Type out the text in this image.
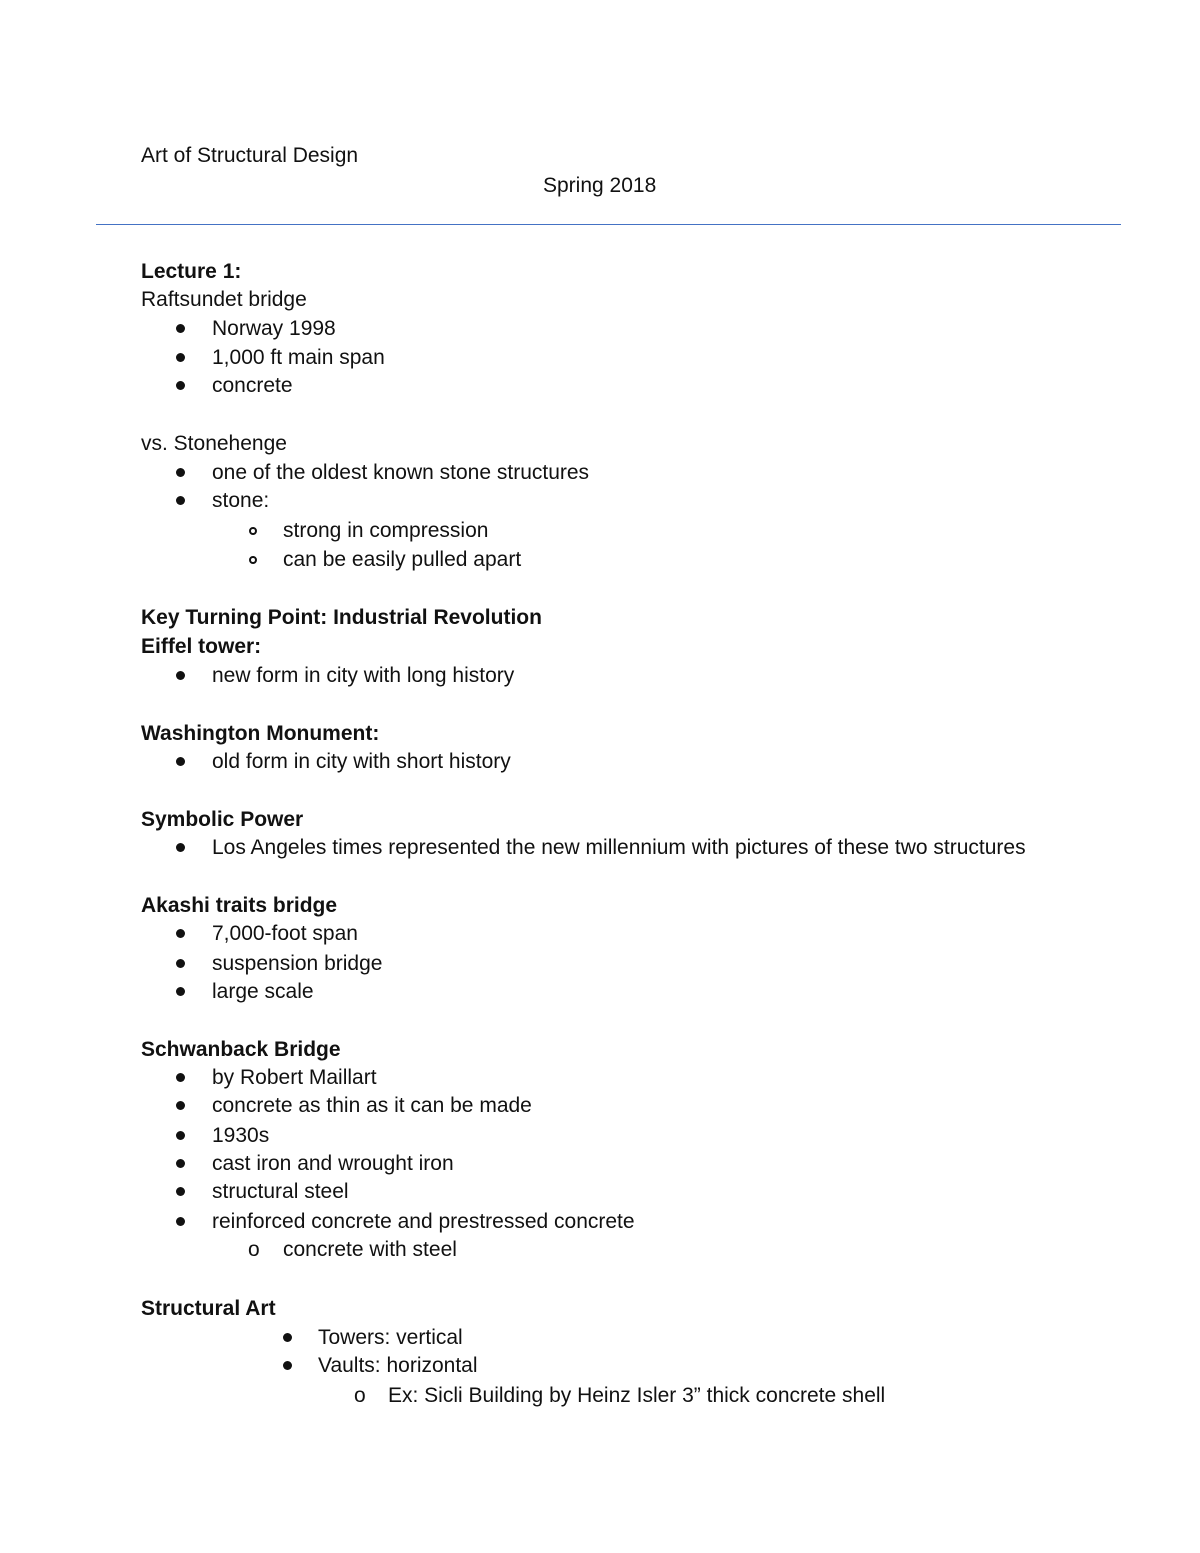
Art of Structural Design
Spring 2018
Lecture 1:
Raftsundet bridge
Norway 1998
1,000 ft main span
concrete
vs. Stonehenge
one of the oldest known stone structures
stone:
strong in compression
can be easily pulled apart
Key Turning Point: Industrial Revolution
Eiffel tower:
new form in city with long history
Washington Monument:
old form in city with short history
Symbolic Power
Los Angeles times represented the new millennium with pictures of these two structures
Akashi traits bridge
7,000-foot span
suspension bridge
large scale
Schwanback Bridge
by Robert Maillart
concrete as thin as it can be made
1930s
cast iron and wrought iron
structural steel
reinforced concrete and prestressed concrete
o concrete with steel
Structural Art
Towers: vertical
Vaults: horizontal
o Ex: Sicli Building by Heinz Isler 3” thick concrete shell
